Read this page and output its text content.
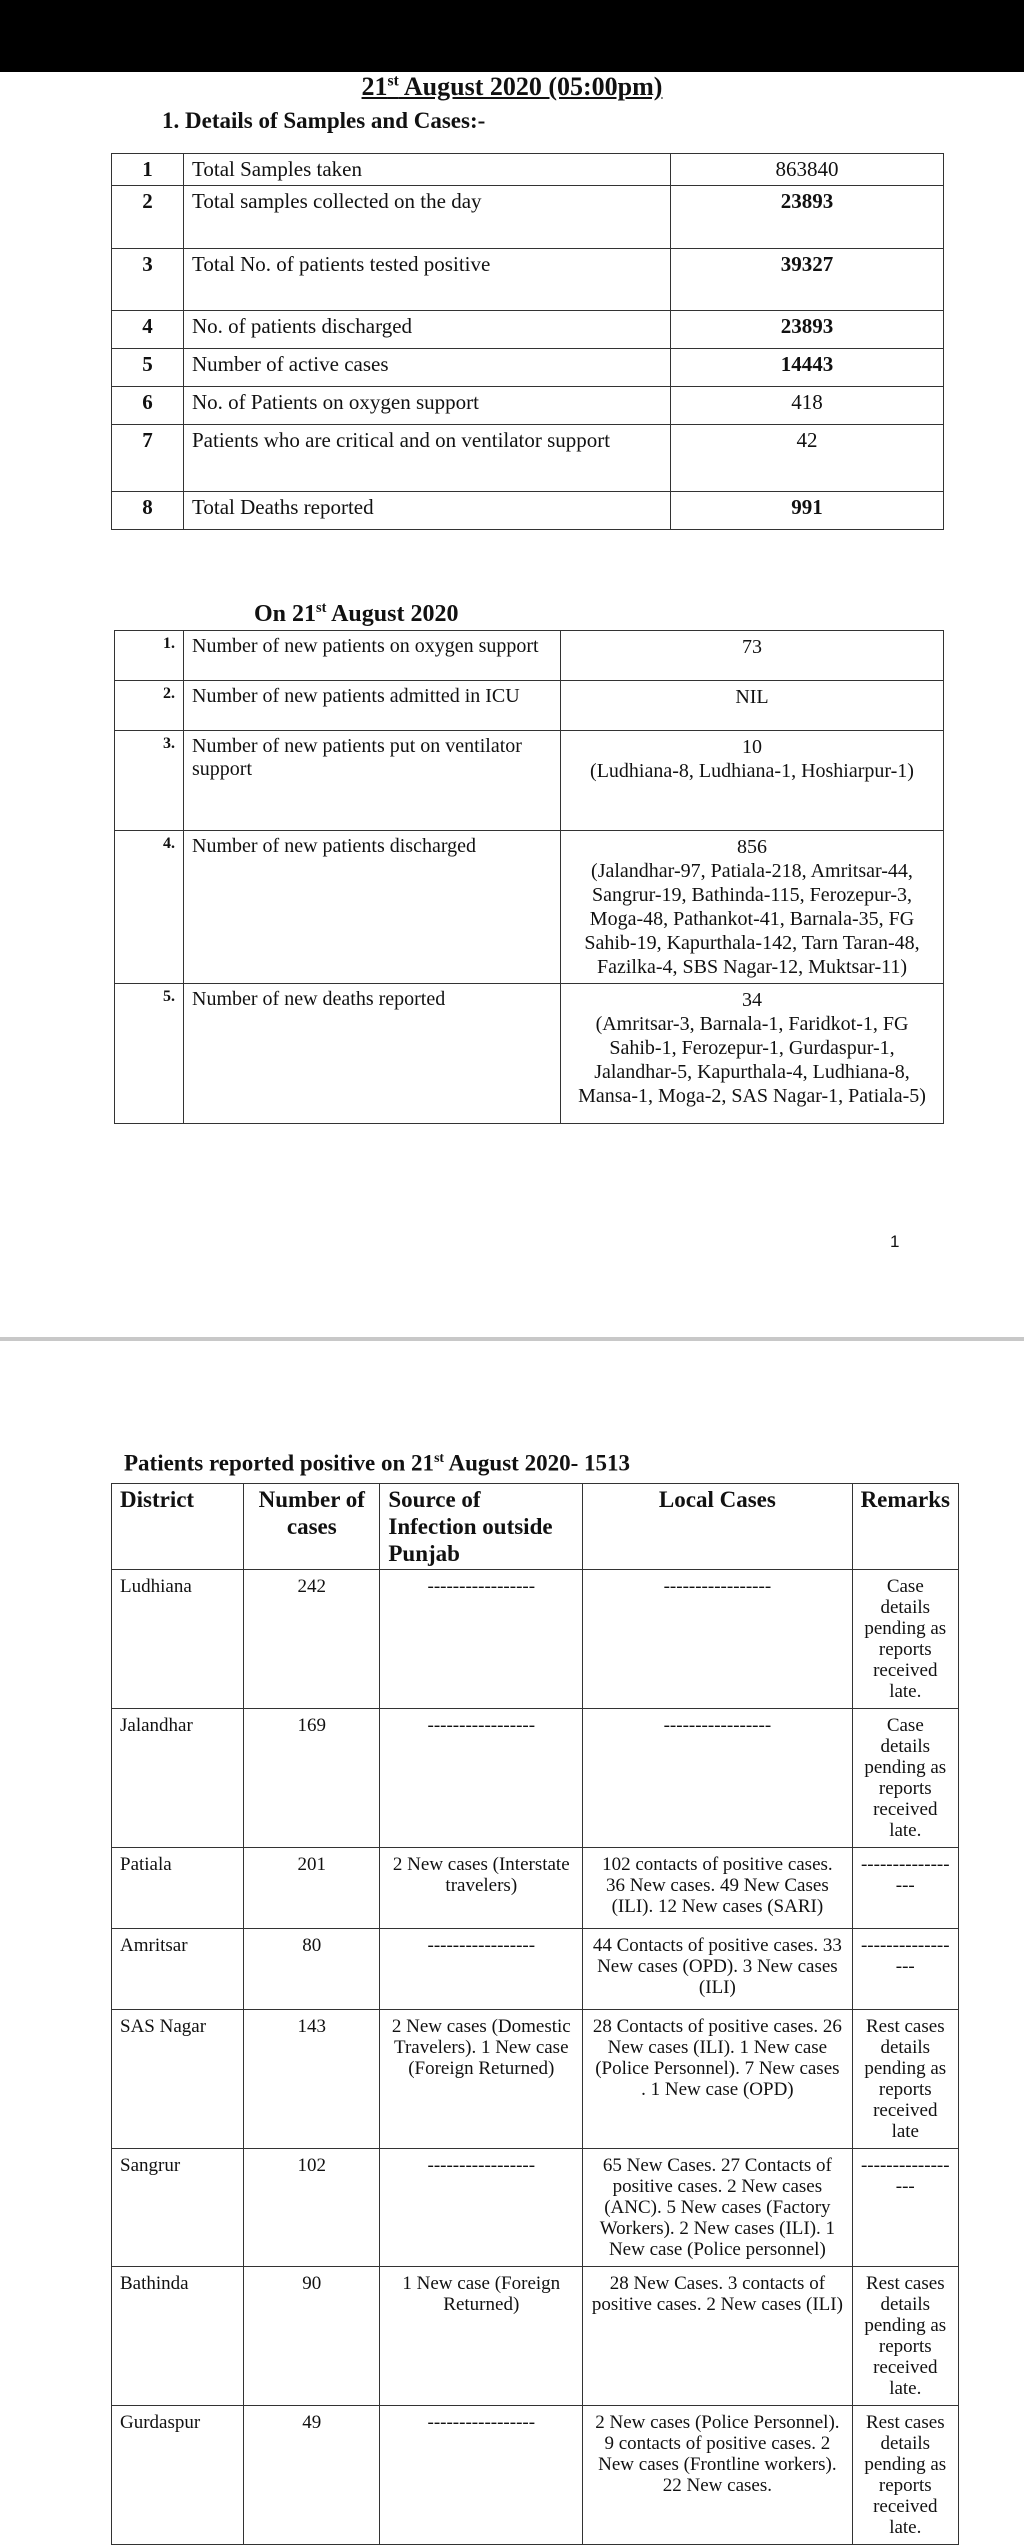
21st August 2020 (05:00pm)
1. Details of Samples and Cases:-
1	Total Samples taken	863840
2	Total samples collected on the day	23893
3	Total No. of patients tested positive	39327
4	No. of patients discharged	23893
5	Number of active cases	14443
6	No. of Patients on oxygen support	418
7	Patients who are critical and on ventilator support	42
8	Total Deaths reported	991
On 21st August 2020
1.	Number of new patients on oxygen support	73

2.	Number of new patients admitted in ICU	NIL

3.	Number of new patients put on ventilator support	10
(Ludhiana-8, Ludhiana-1, Hoshiarpur-1)

4.	Number of new patients discharged	856
(Jalandhar-97, Patiala-218, Amritsar-44, Sangrur-19, Bathinda-115, Ferozepur-3, Moga-48, Pathankot-41, Barnala-35, FG Sahib-19, Kapurthala-142, Tarn Taran-48, Fazilka-4, SBS Nagar-12, Muktsar-11)

5.	Number of new deaths reported	34
(Amritsar-3, Barnala-1, Faridkot-1, FG Sahib-1, Ferozepur-1, Gurdaspur-1, Jalandhar-5, Kapurthala-4, Ludhiana-8, Mansa-1, Moga-2, SAS Nagar-1, Patiala-5)
1
Patients reported positive on 21st August 2020- 1513
District	Number of cases	Source of Infection outside Punjab	Local Cases	Remarks
Ludhiana	242	-----------------	-----------------	Case details pending as reports received late.
Jalandhar	169	-----------------	-----------------	Case details pending as reports received late.
Patiala	201	2 New cases (Interstate travelers)	102 contacts of positive cases. 36 New cases. 49 New Cases (ILI). 12 New cases (SARI)	-----------------
Amritsar	80	-----------------	44 Contacts of positive cases. 33 New cases (OPD). 3 New cases (ILI)	-----------------
SAS Nagar	143	2 New cases (Domestic Travelers). 1 New case (Foreign Returned)	28 Contacts of positive cases. 26 New cases (ILI). 1 New case (Police Personnel). 7 New cases . 1 New case (OPD)	Rest cases details pending as reports received late
Sangrur	102	-----------------	65 New Cases. 27 Contacts of positive cases. 2 New cases (ANC). 5 New cases (Factory Workers). 2 New cases (ILI). 1 New case (Police personnel)	-----------------
Bathinda	90	1 New case (Foreign Returned)	28 New Cases. 3 contacts of positive cases. 2 New cases (ILI)	Rest cases details pending as reports received late.
Gurdaspur	49	-----------------	2 New cases (Police Personnel). 9 contacts of positive cases. 2 New cases (Frontline workers). 22 New cases.	Rest cases details pending as reports received late.
